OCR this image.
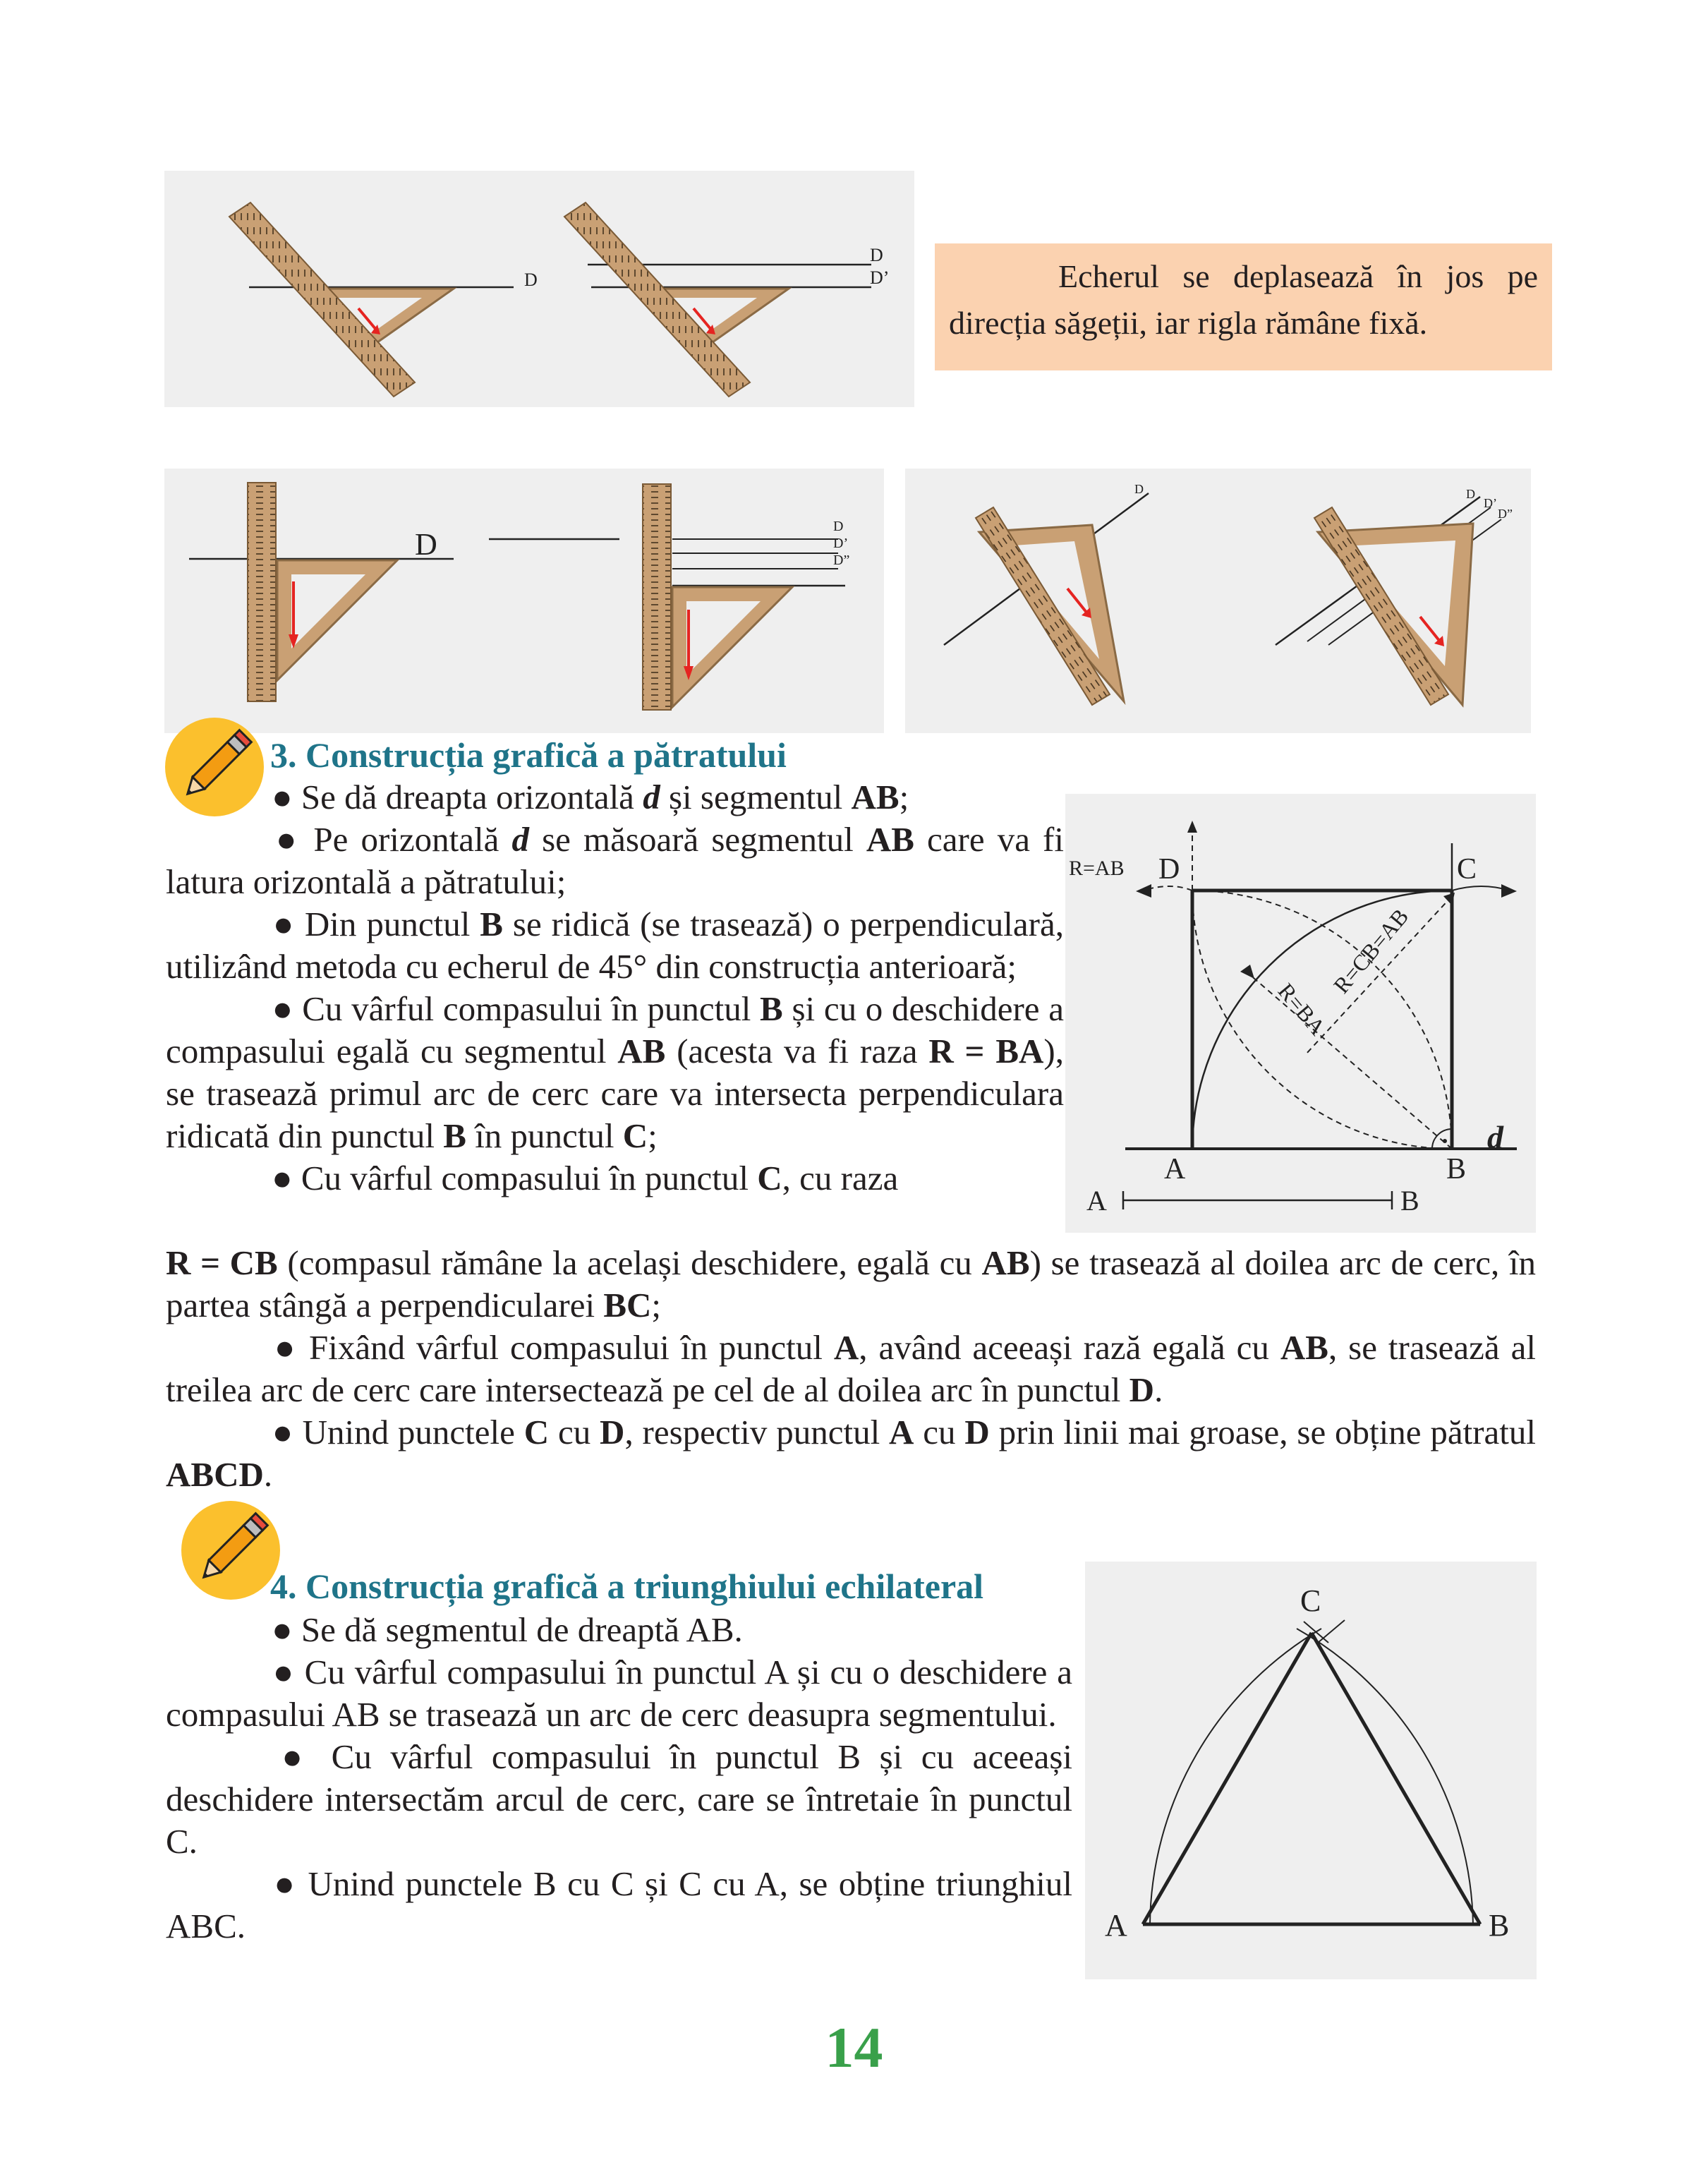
D
D
D’	Echerul se deplasează în jos pe direcția săgeții, iar rigla rămâne fixă.
D
D
D’
D”
D	D
D’
D”
3. Construcția grafică a pătratului

● Se dă dreapta orizontală d și segmentul AB;

● Pe orizontală d se măsoară segmentul AB care va fi latura orizontală a pătratului;

● Din punctul B se ridică (se trasează) o perpendiculară, utilizând metoda cu echerul de 45° din construcția anterioară;

● Cu vârful compasului în punctul B și cu o deschidere a compasului egală cu segmentul AB (acesta va fi raza R = BA), se trasează primul arc de cerc care va intersecta perpendiculara ridicată din punctul B în punctul C;

● Cu vârful compasului în punctul C, cu raza

R = CB (compasul rămâne la același deschidere, egală cu AB) se trasează al doilea arc de cerc, în partea stângă a perpendicularei BC;

● Fixând vârful compasului în punctul A, având aceeași rază egală cu AB, se trasează al treilea arc de cerc care intersectează pe cel de al doilea arc în punctul D.

● Unind punctele C cu D, respectiv punctul A cu D prin linii mai groase, se obține pătratul ABCD.

R=AB D	C
A	B
d
R=BA
R=CB=AB
A	B
4. Construcția grafică a triunghiului echilateral

● Se dă segmentul de dreaptă AB.

● Cu vârful compasului în punctul A și cu o deschidere a compasului AB se trasează un arc de cerc deasupra segmentului.

● Cu vârful compasului în punctul B și cu aceeași deschidere intersectăm arcul de cerc, care se întretaie în punctul C.

● Unind punctele B cu C și C cu A, se obține triunghiul ABC.

C
A	B
14
